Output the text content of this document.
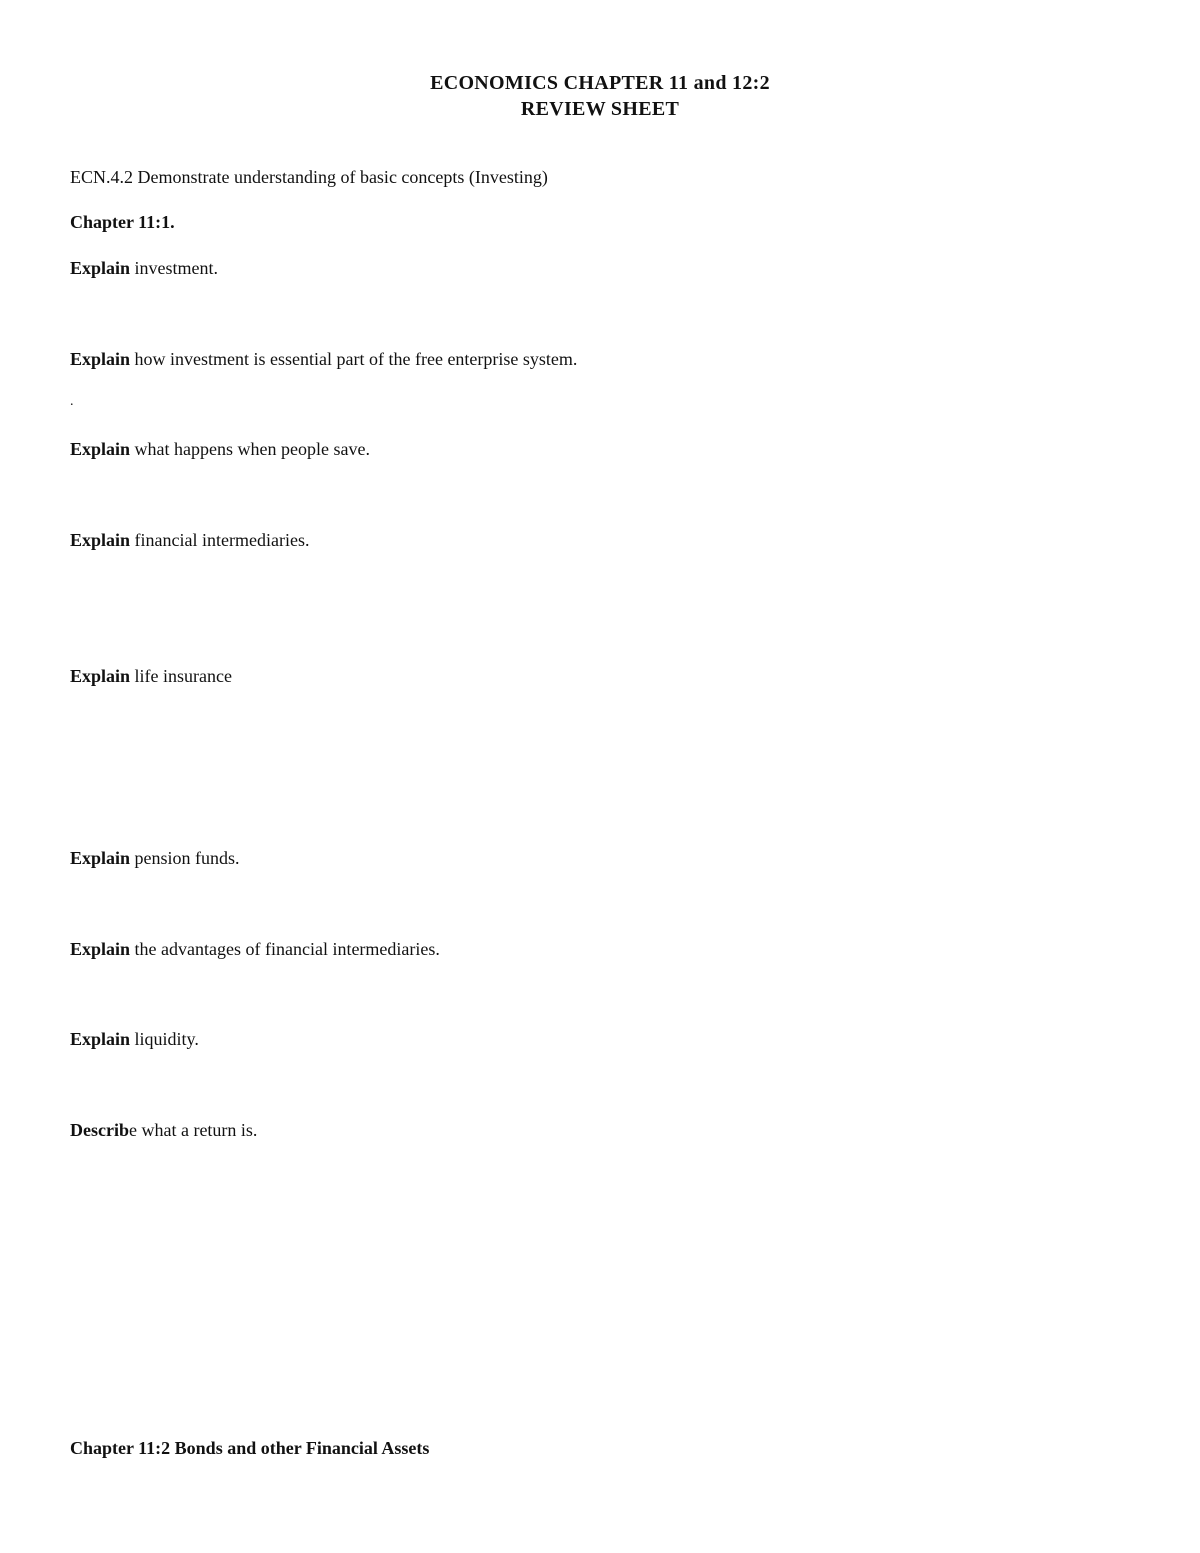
ECONOMICS CHAPTER 11 and 12:2
REVIEW SHEET
ECN.4.2 Demonstrate understanding of basic concepts (Investing)
Chapter 11:1.
Explain investment.
Explain how investment is essential part of the free enterprise system.
.
Explain what happens when people save.
Explain financial intermediaries.
Explain life insurance
Explain pension funds.
Explain the advantages of financial intermediaries.
Explain liquidity.
Describe what a return is.
Chapter 11:2 Bonds and other Financial Assets
